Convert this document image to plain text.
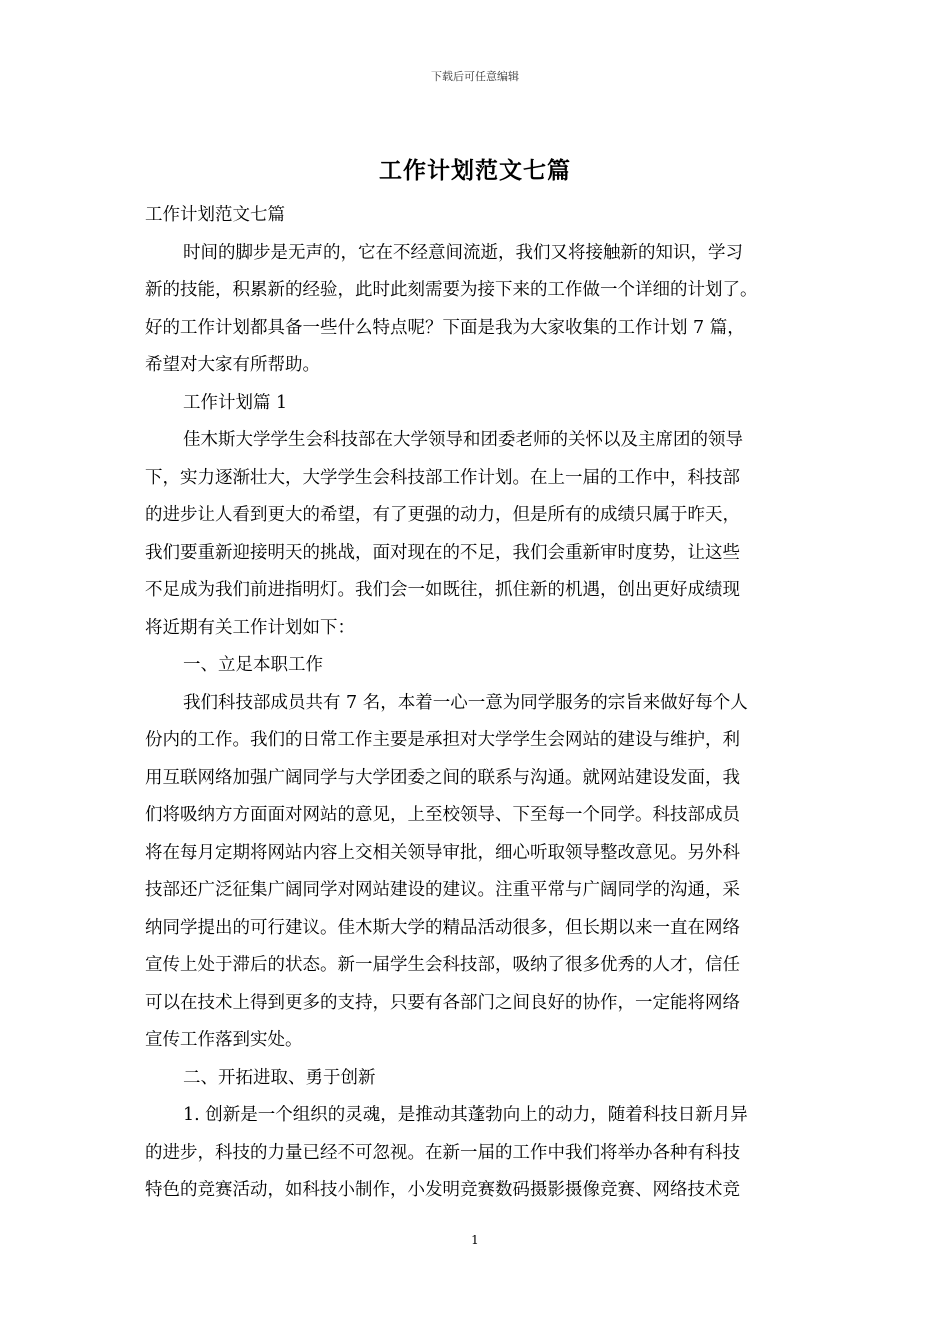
下载后可任意编辑
工作计划范文七篇
工作计划范文七篇
时间的脚步是无声的，它在不经意间流逝，我们又将接触新的知识，学习
新的技能，积累新的经验，此时此刻需要为接下来的工作做一个详细的计划了。
好的工作计划都具备一些什么特点呢？下面是我为大家收集的工作计划 7 篇，
希望对大家有所帮助。
工作计划篇 1
佳木斯大学学生会科技部在大学领导和团委老师的关怀以及主席团的领导
下，实力逐渐壮大，大学学生会科技部工作计划。在上一届的工作中，科技部
的进步让人看到更大的希望，有了更强的动力，但是所有的成绩只属于昨天，
我们要重新迎接明天的挑战，面对现在的不足，我们会重新审时度势，让这些
不足成为我们前进指明灯。我们会一如既往，抓住新的机遇，创出更好成绩现
将近期有关工作计划如下：
一、立足本职工作
我们科技部成员共有 7 名，本着一心一意为同学服务的宗旨来做好每个人
份内的工作。我们的日常工作主要是承担对大学学生会网站的建设与维护，利
用互联网络加强广阔同学与大学团委之间的联系与沟通。就网站建设发面，我
们将吸纳方方面面对网站的意见，上至校领导、下至每一个同学。科技部成员
将在每月定期将网站内容上交相关领导审批，细心听取领导整改意见。另外科
技部还广泛征集广阔同学对网站建设的建议。注重平常与广阔同学的沟通，采
纳同学提出的可行建议。佳木斯大学的精品活动很多，但长期以来一直在网络
宣传上处于滞后的状态。新一届学生会科技部，吸纳了很多优秀的人才，信任
可以在技术上得到更多的支持，只要有各部门之间良好的协作，一定能将网络
宣传工作落到实处。
二、开拓进取、勇于创新
1. 创新是一个组织的灵魂，是推动其蓬勃向上的动力，随着科技日新月异
的进步，科技的力量已经不可忽视。在新一届的工作中我们将举办各种有科技
特色的竞赛活动，如科技小制作，小发明竞赛数码摄影摄像竞赛、网络技术竞
1
